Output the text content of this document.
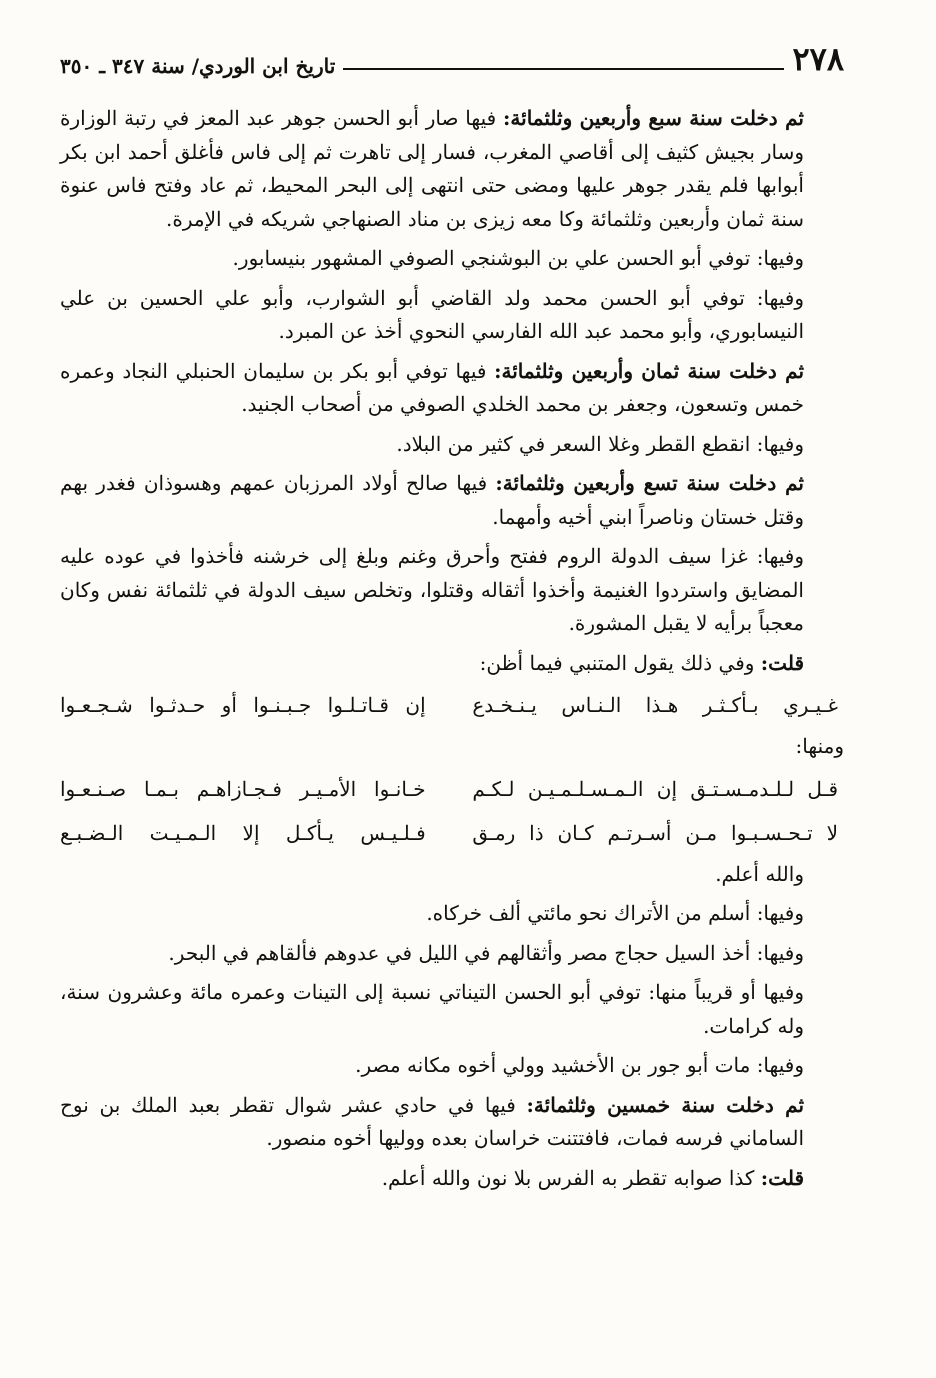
٢٧٨
تاريخ ابن الوردي/ سنة ٣٤٧ ـ ٣٥٠

ثم دخلت سنة سبع وأربعين وثلثمائة: فيها صار أبو الحسن جوهر عبد المعز في رتبة الوزارة وسار بجيش كثيف إلى أقاصي المغرب، فسار إلى تاهرت ثم إلى فاس فأغلق أحمد ابن بكر أبوابها فلم يقدر جوهر عليها ومضى حتى انتهى إلى البحر المحيط، ثم عاد وفتح فاس عنوة سنة ثمان وأربعين وثلثمائة وكا معه زيزى بن مناد الصنهاجي شريكه في الإمرة.

وفيها: توفي أبو الحسن علي بن البوشنجي الصوفي المشهور بنيسابور.

وفيها: توفي أبو الحسن محمد ولد القاضي أبو الشوارب، وأبو علي الحسين بن علي النيسابوري، وأبو محمد عبد الله الفارسي النحوي أخذ عن المبرد.

ثم دخلت سنة ثمان وأربعين وثلثمائة: فيها توفي أبو بكر بن سليمان الحنبلي النجاد وعمره خمس وتسعون، وجعفر بن محمد الخلدي الصوفي من أصحاب الجنيد.

وفيها: انقطع القطر وغلا السعر في كثير من البلاد.

ثم دخلت سنة تسع وأربعين وثلثمائة: فيها صالح أولاد المرزبان عمهم وهسوذان فغدر بهم وقتل خستان وناصراً ابني أخيه وأمهما.

وفيها: غزا سيف الدولة الروم ففتح وأحرق وغنم وبلغ إلى خرشنه فأخذوا في عوده عليه المضايق واستردوا الغنيمة وأخذوا أثقاله وقتلوا، وتخلص سيف الدولة في ثلثمائة نفس وكان معجباً برأيه لا يقبل المشورة.

قلت: وفي ذلك يقول المتنبي فيما أظن:

غـيـري بـأكـثـر هـذا الـنـاس يـنـخـدع
إن قـاتـلـوا جـبـنـوا أو حـدثـوا شـجـعـوا

ومنها:

قـل لـلـدمـسـتـق إن الـمـسـلـمـيـن لـكـم
خـانـوا الأمـيـر فـجـازاهـم بـمـا صـنـعـوا
لا تـحـسـبـوا مـن أسـرتـم كـان ذا رمـق
فـلـيـس يـأكـل إلا الـمـيـت الـضـبـع

والله أعلم.

وفيها: أسلم من الأتراك نحو مائتي ألف خركاه.

وفيها: أخذ السيل حجاج مصر وأثقالهم في الليل في عدوهم فألقاهم في البحر.

وفيها أو قريباً منها: توفي أبو الحسن التيناتي نسبة إلى التينات وعمره مائة وعشرون سنة، وله كرامات.

وفيها: مات أبو جور بن الأخشيد وولي أخوه مكانه مصر.

ثم دخلت سنة خمسين وثلثمائة: فيها في حادي عشر شوال تقطر بعبد الملك بن نوح الساماني فرسه فمات، فافتتنت خراسان بعده ووليها أخوه منصور.

قلت: كذا صوابه تقطر به الفرس بلا نون والله أعلم.
